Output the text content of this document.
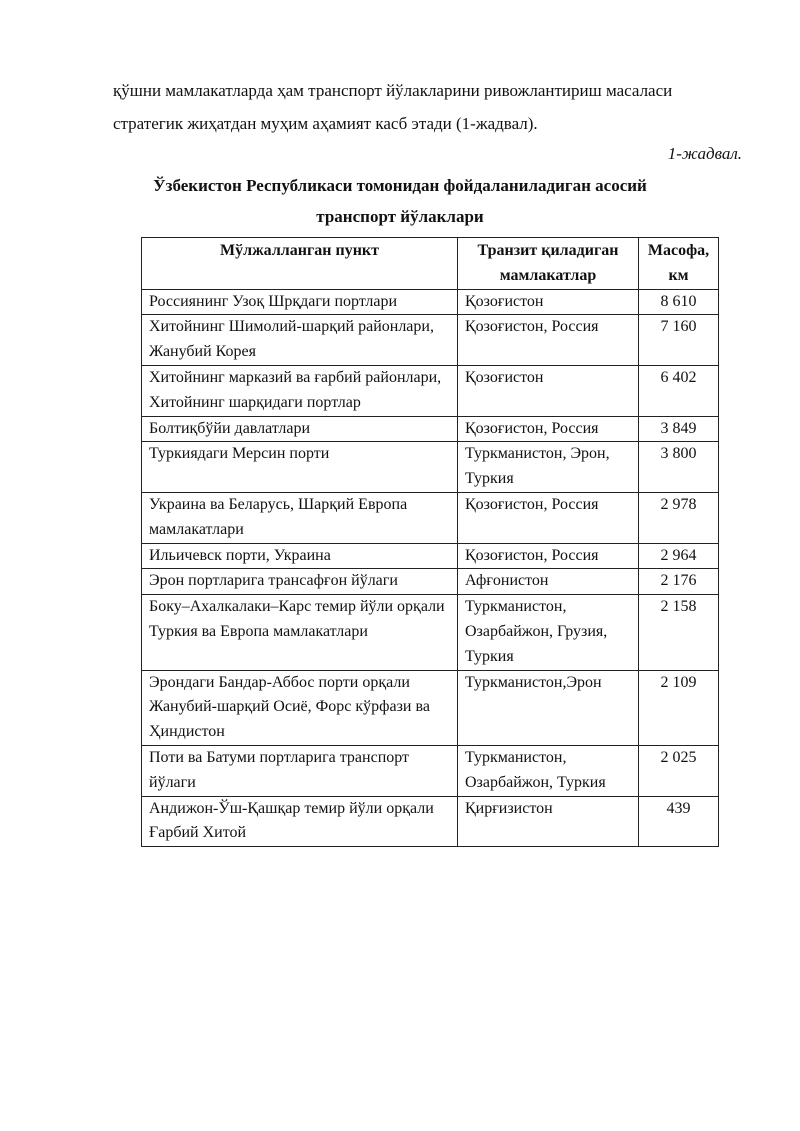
қўшни мамлакатларда ҳам транспорт йўлакларини ривожлантириш масаласи стратегик жиҳатдан муҳим аҳамият касб этади (1-жадвал).

1-жадвал.

Ўзбекистон Республикаси томонидан фойдаланиладиган асосий транспорт йўлаклари

Мўлжалланган пункт	Транзит қиладиган мамлакатлар	Масофа, км
Россиянинг Узоқ Шрқдаги портлари	Қозоғистон	8 610
Хитойнинг Шимолий-шарқий районлари, Жанубий Корея	Қозоғистон, Россия	7 160
Хитойнинг марказий ва ғарбий районлари, Хитойнинг шарқидаги портлар	Қозоғистон	6 402
Болтиқбўйи давлатлари	Қозоғистон, Россия	3 849
Туркиядаги Мерсин порти	Туркманистон, Эрон, Туркия	3 800
Украина ва Беларусь, Шарқий Европа мамлакатлари	Қозоғистон, Россия	2 978
Ильичевск порти, Украина	Қозоғистон, Россия	2 964
Эрон портларига трансафғон йўлаги	Афғонистон	2 176
Боку–Ахалкалаки–Карс темир йўли орқали Туркия ва Европа мамлакатлари	Туркманистон, Озарбайжон, Грузия, Туркия	2 158
Эрондаги Бандар-Аббос порти орқали Жанубий-шарқий Осиё, Форс кўрфази ва Ҳиндистон	Туркманистон,Эрон	2 109
Поти ва Батуми портларига транспорт йўлаги	Туркманистон, Озарбайжон, Туркия	2 025
Андижон-Ўш-Қашқар темир йўли орқали Ғарбий Хитой	Қирғизистон	439
